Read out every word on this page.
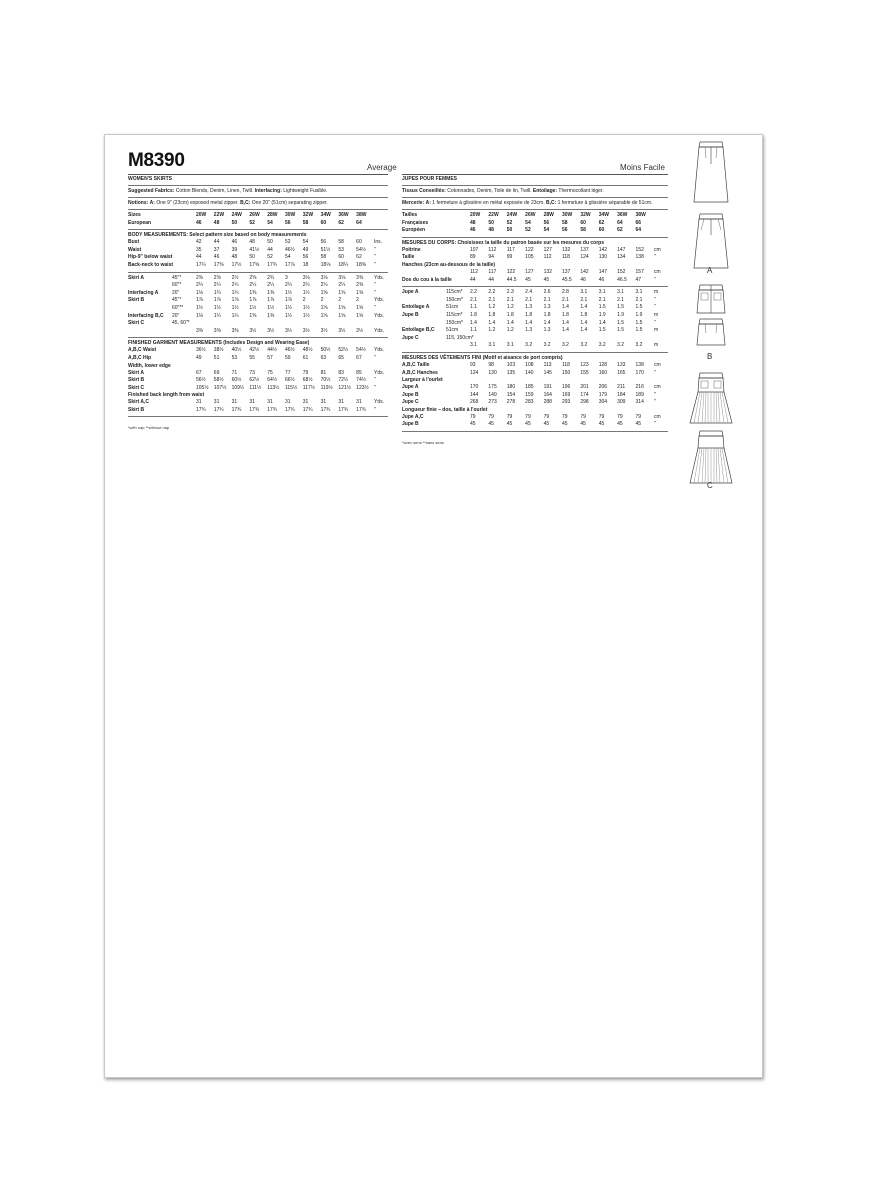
M8390	Average	Moins Facile
WOMEN'S SKIRTS
Suggested Fabrics: Cotton Blends, Denim, Linen, Twill. Interfacing: Lightweight Fusible.
Notions: A: One 9" (23cm) exposed metal zipper. B,C: One 20" (51cm) separating zipper.
Sizes	20W	22W	24W	26W	28W	30W	32W	34W	36W	38W	
European	46	48	50	52	54	56	58	60	62	64	
BODY MEASUREMENTS: Select pattern size based on body measurements
Bust	42	44	46	48	50	52	54	56	58	60	Ins.
Waist	35	37	39	41½	44	46½	49	51½	53	54½	"
Hip-9" below waist	44	46	48	50	52	54	56	58	60	62	"
Back-neck to waist	17¼	17⅜	17½	17⅝	17¾	17⅞	18	18⅛	18¼	18⅜	"
Skirt A	45"*	2⅜	2⅜	2½	2⅝	2¾	3	3⅛	3⅛	3⅛	3⅜	Yds.
	60"*	2¼	2¼	2¼	2¼	2¼	2¼	2¼	2¼	2¼	2⅜	"
Interfacing A	20"	1⅛	1¼	1¼	1⅜	1⅜	1½	1½	1⅝	1⅝	1⅝	"
Skirt B	45"*	1⅞	1⅞	1⅞	1⅞	1⅞	1⅞	2	2	2	2	Yds.
	60"**	1½	1½	1½	1½	1½	1½	1½	1⅝	1⅝	1⅝	"
Interfacing B,C	20"	1⅛	1¼	1¼	1⅜	1⅜	1½	1½	1⅝	1⅝	1⅝	Yds.
Skirt C	45, 60"*											
		3⅜	3⅜	3⅜	3½	3½	3½	3½	3½	3½	3½	Yds.
FINISHED GARMENT MEASUREMENTS (Includes Design and Wearing Ease)
A,B,C Waist	36½	38½	40½	42½	44½	46½	48½	50½	52½	54½	Yds.
A,B,C Hip	49	51	53	55	57	59	61	63	65	67	"
Width, lower edge
Skirt A	67	69	71	73	75	77	79	81	83	85	Yds.
Skirt B	56½	58½	60½	62½	64½	66½	68½	70½	72½	74½	"
Skirt C	105½	107½	109½	111½	113½	115½	117½	119½	121½	123½	"
Finished back length from waist
Skirt A,C	31	31	31	31	31	31	31	31	31	31	Yds.
Skirt B	17¾	17¾	17¾	17¾	17¾	17¾	17¾	17¾	17¾	17¾	"
*with nap **without nap
JUPES POUR FEMMES
Tissus Conseillés: Cotonnades, Denim, Toile de lin, Twill. Entoilage: Thermocollant léger.
Mercerie: A: 1 fermeture à glissière en métal exposée de 23cm. B,C: 1 fermeture à glissière séparable de 51cm.
Tailles	20W	22W	24W	26W	28W	30W	32W	34W	36W	38W	
Françaises	48	50	52	54	56	58	60	62	64	66	
Européen	46	48	50	52	54	56	58	60	62	64	
MESURES DU CORPS: Choisissez la taille du patron basée sur les mesures du corps
Poitrine	107	112	117	122	127	132	137	142	147	152	cm
Taille	89	94	99	105	112	118	124	130	134	138	"
Hanches (23cm au-dessous de la taille)
	112	117	122	127	132	137	142	147	152	157	cm
Dos du cou à la taille	44	44	44.5	45	45	45.5	46	46	46.5	47	"
Jupe A	115cm*	2.2	2.2	2.3	2.4	2.6	2.8	3.1	3.1	3.1	3.1	m
	150cm*	2.1	2.1	2.1	2.1	2.1	2.1	2.1	2.1	2.1	2.1	"
Entoilage A	51cm	1.1	1.2	1.2	1.3	1.3	1.4	1.4	1.5	1.5	1.5	"
Jupe B	115cm*	1.8	1.8	1.8	1.8	1.8	1.8	1.8	1.9	1.9	1.9	m
	150cm*	1.4	1.4	1.4	1.4	1.4	1.4	1.4	1.4	1.5	1.5	"
Entoilage B,C	51cm	1.1	1.2	1.2	1.3	1.3	1.4	1.4	1.5	1.5	1.5	m
Jupe C	115, 150cm*											
		3.1	3.1	3.1	3.2	3.2	3.2	3.2	3.2	3.2	3.2	m
MESURES DES VÊTEMENTS FINI (Motif et aisance de port compris)
A,B,C Taille	93	98	103	108	113	118	123	128	133	138	cm
A,B,C Hanches	124	130	135	140	145	150	155	160	165	170	"
Largeur à l'ourlet
Jupe A	170	175	180	185	191	196	201	206	211	216	cm
Jupe B	144	149	154	159	164	169	174	179	184	189	"
Jupe C	268	273	278	283	288	293	298	304	309	314	"
Longueur finie – dos, taille à l'ourlet
Jupe A,C	79	79	79	79	79	79	79	79	79	79	cm
Jupe B	45	45	45	45	45	45	45	45	45	45	"
*avec sens **sans sens
A
B
C
